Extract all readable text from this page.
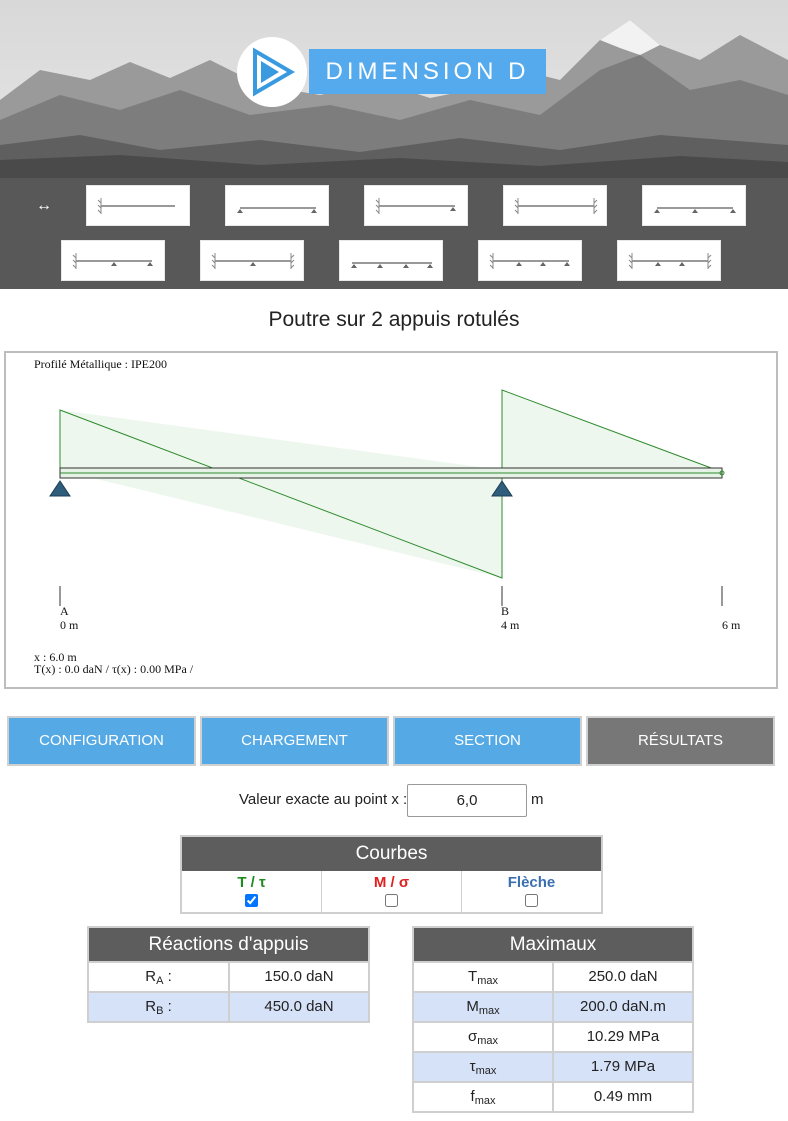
DIMENSION D
↔
Poutre sur 2 appuis rotulés
Profilé Métallique : IPE200
A
0 m
B
4 m	6 m
x : 6.0 m
T(x) : 0.0 daN / τ(x) : 0.00 MPa /
CONFIGURATION	CHARGEMENT	SECTION	RÉSULTATS
Valeur exacte au point x :
6,0	m
Courbes
T / τ	M / σ	Flèche
Réactions d'appuis
$R_A$ :	150.0 daN
$R_B$ :	450.0 daN
Maximaux
$T_{max}$	250.0 daN
$M_{max}$	200.0 daN.m
$\sigma_{max}$	10.29 MPa
$\tau_{max}$	1.79 MPa
$f_{max}$	0.49 mm
